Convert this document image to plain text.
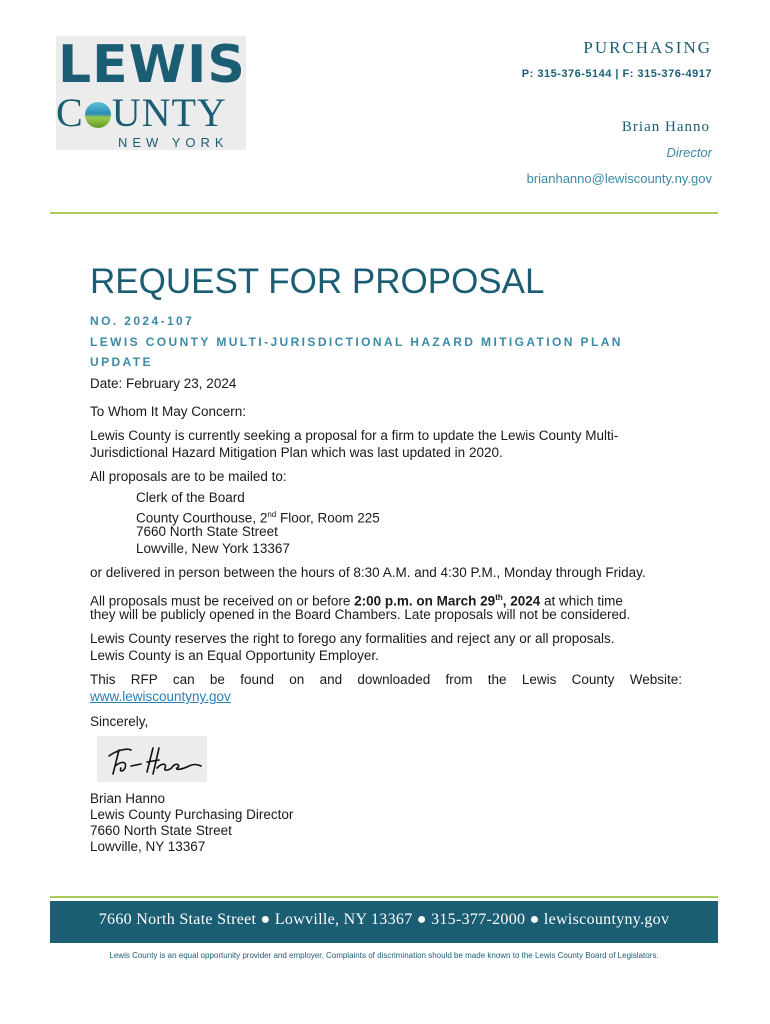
LEWIS
C UNTY
NEW YORK
PURCHASING
P: 315-376-5144 | F: 315-376-4917
Brian Hanno
Director
brianhanno@lewiscounty.ny.gov
REQUEST FOR PROPOSAL
NO. 2024-107
LEWIS COUNTY MULTI-JURISDICTIONAL HAZARD MITIGATION PLAN
UPDATE
Date: February 23, 2024
To Whom It May Concern:
Lewis County is currently seeking a proposal for a firm to update the Lewis County Multi-
Jurisdictional Hazard Mitigation Plan which was last updated in 2020.
All proposals are to be mailed to:
Clerk of the Board
County Courthouse, 2nd Floor, Room 225
7660 North State Street
Lowville, New York 13367
or delivered in person between the hours of 8:30 A.M. and 4:30 P.M., Monday through Friday.
All proposals must be received on or before 2:00 p.m. on March 29th, 2024 at which time
they will be publicly opened in the Board Chambers. Late proposals will not be considered.
Lewis County reserves the right to forego any formalities and reject any or all proposals.
Lewis County is an Equal Opportunity Employer.
This RFP can be found on and downloaded from the Lewis County Website:
www.lewiscountyny.gov
Sincerely,
Brian Hanno
Lewis County Purchasing Director
7660 North State Street
Lowville, NY 13367
7660 North State Street ● Lowville, NY 13367 ● 315-377-2000 ● lewiscountyny.gov
Lewis County is an equal opportunity provider and employer. Complaints of discrimination should be made known to the Lewis County Board of Legislators.
